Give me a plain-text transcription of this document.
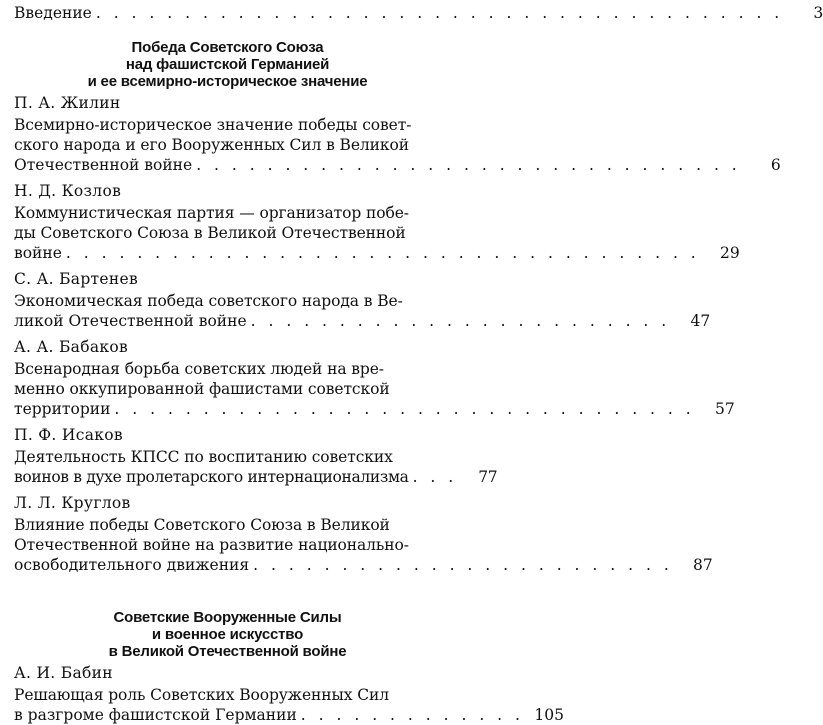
Введение . . . . . . . . . . . . . . . . . . . . . . . . . . . . . . . . . . . . . . .	3
Победа Советского Союза
над фашистской Германией
и ее всемирно-историческое значение
П. А. Жилин
Всемирно-историческое значение победы совет-
ского народа и его Вооруженных Сил в Великой
Отечественной войне . . . . . . . . . . . . . . . . . . . . . . . . . . . . . . .	6
Н. Д. Козлов
Коммунистическая партия — организатор побе-
ды Советского Союза в Великой Отечественной
войне . . . . . . . . . . . . . . . . . . . . . . . . . . . . . . . . . . . .	29
С. А. Бартенев
Экономическая победа советского народа в Ве-
ликой Отечественной войне . . . . . . . . . . . . . . . . . . . . . . . .	47
А. А. Бабаков
Всенародная борьба советских людей на вре-
менно оккупированной фашистами советской
территории . . . . . . . . . . . . . . . . . . . . . . . . . . . . . . . . .	57
П. Ф. Исаков
Деятельность КПСС по воспитанию советских
воинов в духе пролетарского интернационализма . . .	77
Л. Л. Круглов
Влияние победы Советского Союза в Великой
Отечественной войне на развитие национально-
освободительного движения . . . . . . . . . . . . . . . . . . . . . . . .	87
Советские Вооруженные Силы
и военное искусство
в Великой Отечественной войне
А. И. Бабин
Решающая роль Советских Вооруженных Сил
в разгроме фашистской Германии . . . . . . . . . . . . . 105
